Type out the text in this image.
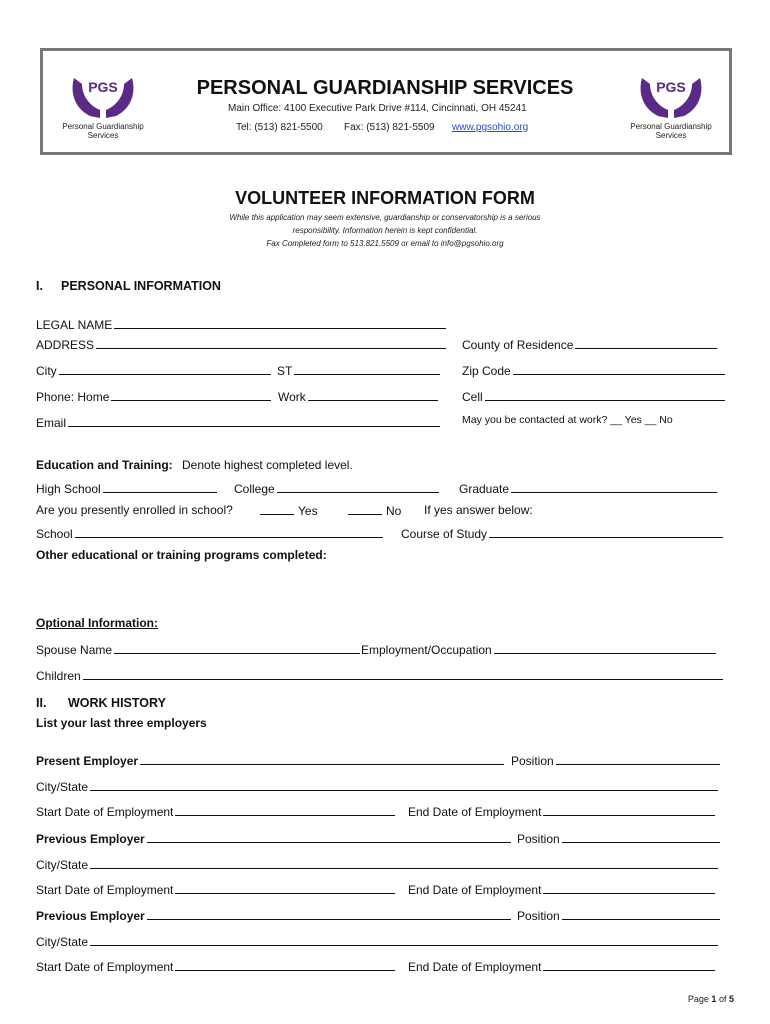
PGS
Personal Guardianship Services
PGS
Personal Guardianship Services
PERSONAL GUARDIANSHIP SERVICES
Main Office: 4100 Executive Park Drive #114, Cincinnati, OH 45241
Tel: (513) 821-5500 Fax: (513) 821-5509 www.pgsohio.org
VOLUNTEER INFORMATION FORM
While this application may seem extensive, guardianship or conservatorship is a serious
responsibility. Information herein is kept confidential.
Fax Completed form to 513.821.5509 or email to info@pgsohio.org
I. PERSONAL INFORMATION
LEGAL NAME
ADDRESS	County of Residence
City	ST	Zip Code
Phone: Home	Work	Cell
Email	May you be contacted at work? __ Yes __ No
Education and Training: Denote highest completed level.
High School	College	Graduate
Are you presently enrolled in school?	Yes	No If yes answer below:
School	Course of Study
Other educational or training programs completed:
Optional Information:
Spouse Name	Employment/Occupation
Children
II. WORK HISTORY
List your last three employers
Present Employer	Position
City/State
Start Date of Employment	End Date of Employment
Previous Employer	Position
City/State
Start Date of Employment	End Date of Employment
Previous Employer	Position
City/State
Start Date of Employment	End Date of Employment
Page 1 of 5
